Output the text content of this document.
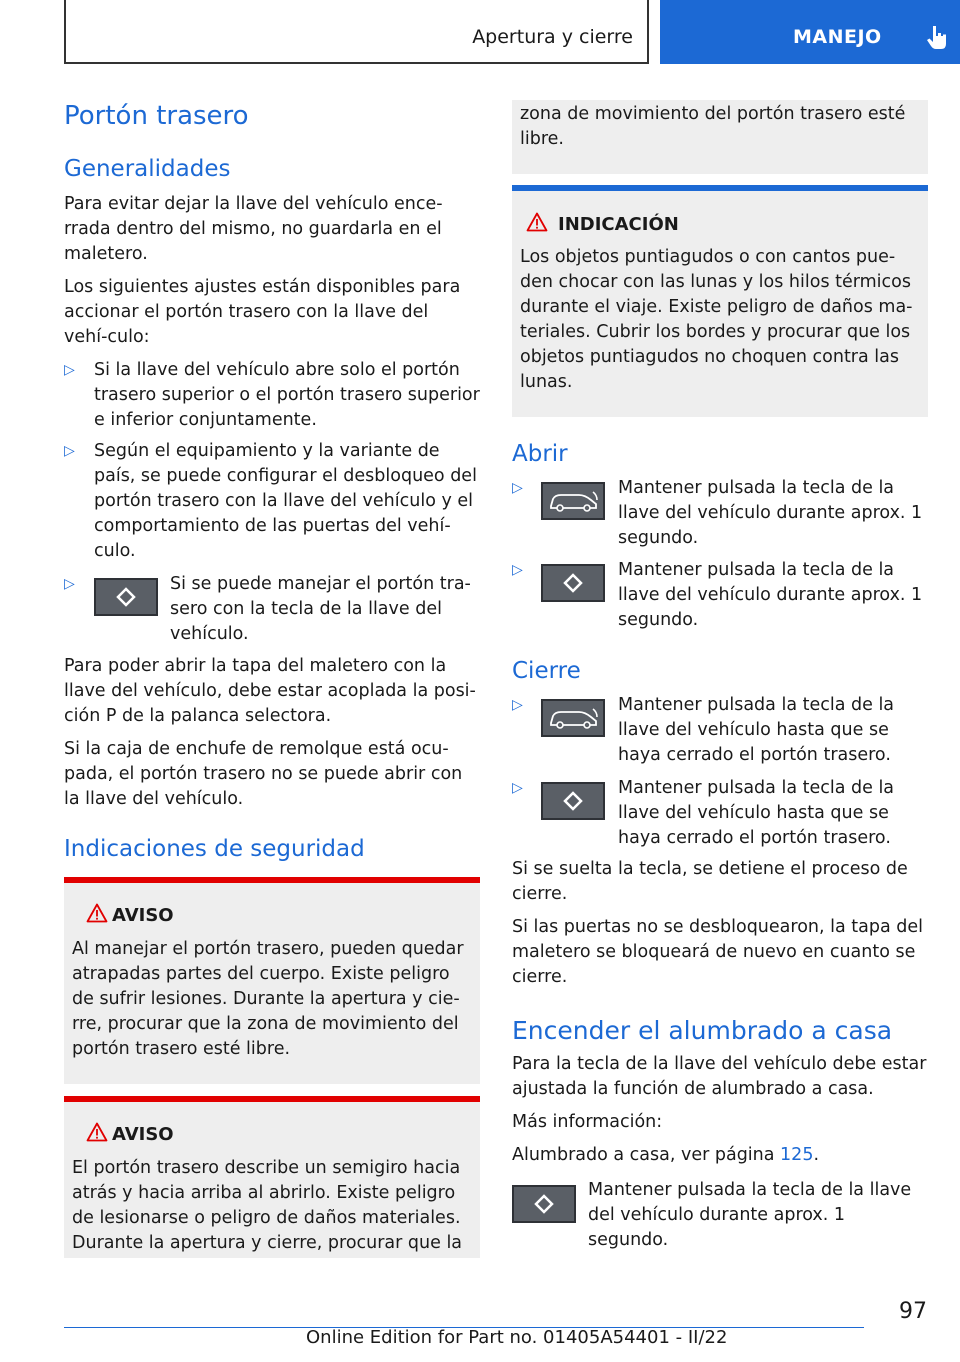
Apertura y cierre	MANEJO
Portón trasero
Generalidades

Para evitar dejar la llave del vehículo ence-rrada dentro del mismo, no guardarla en el maletero.

Los siguientes ajustes están disponibles para accionar el portón trasero con la llave del vehí-culo:

▷ Si la llave del vehículo abre solo el portón trasero superior o el portón trasero superior e inferior conjuntamente.
▷ Según el equipamiento y la variante de país, se puede configurar el desbloqueo del portón trasero con la llave del vehículo y el comportamiento de las puertas del vehí-culo.
▷	Si se puede manejar el portón tra-sero con la tecla de la llave del vehículo.

Para poder abrir la tapa del maletero con la llave del vehículo, debe estar acoplada la posi-ción P de la palanca selectora.

Si la caja de enchufe de remolque está ocu-pada, el portón trasero no se puede abrir con la llave del vehículo.

Indicaciones de seguridad
AVISO
Al manejar el portón trasero, pueden quedar atrapadas partes del cuerpo. Existe peligro de sufrir lesiones. Durante la apertura y cie-rre, procurar que la zona de movimiento del portón trasero esté libre.
AVISO
El portón trasero describe un semigiro hacia atrás y hacia arriba al abrirlo. Existe peligro de lesionarse o peligro de daños materiales. Durante la apertura y cierre, procurar que la
zona de movimiento del portón trasero esté libre.
INDICACIÓN
Los objetos puntiagudos o con cantos pue-den chocar con las lunas y los hilos térmicos durante el viaje. Existe peligro de daños ma-teriales. Cubrir los bordes y procurar que los objetos puntiagudos no choquen contra las lunas.
Abrir
▷	Mantener pulsada la tecla de la llave del vehículo durante aprox. 1 segundo.
▷	Mantener pulsada la tecla de la llave del vehículo durante aprox. 1 segundo.
Cierre
▷	Mantener pulsada la tecla de la llave del vehículo hasta que se haya cerrado el portón trasero.
▷	Mantener pulsada la tecla de la llave del vehículo hasta que se haya cerrado el portón trasero.

Si se suelta la tecla, se detiene el proceso de cierre.

Si las puertas no se desbloquearon, la tapa del maletero se bloqueará de nuevo en cuanto se cierre.

Encender el alumbrado a casa

Para la tecla de la llave del vehículo debe estar ajustada la función de alumbrado a casa.

Más información:

Alumbrado a casa, ver página 125.

Mantener pulsada la tecla de la llave del vehículo durante aprox. 1 segundo.

97
Online Edition for Part no. 01405A54401 - II/22
